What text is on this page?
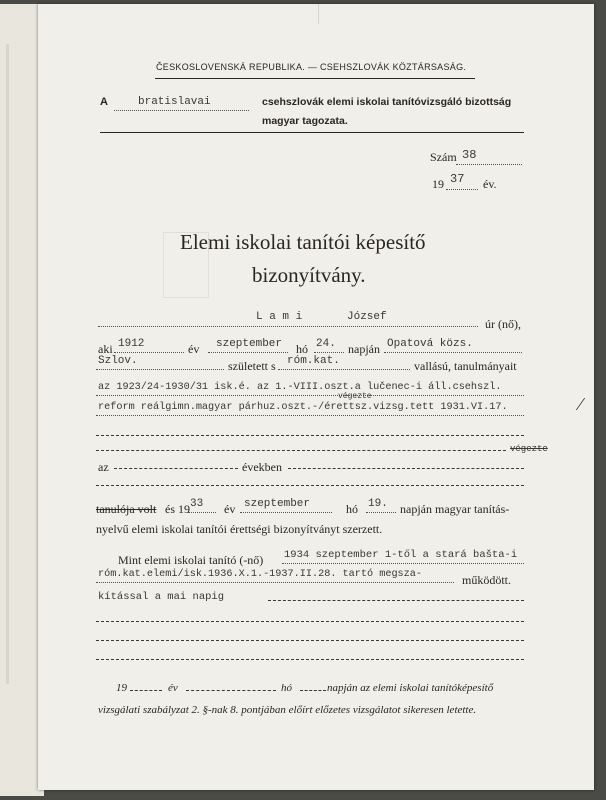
ČESKOSLOVENSKÁ REPUBLIKA. — CSEHSZLOVÁK KÖZTÁRSASÁG.
A	bratislavai	csehszlovák elemi iskolai tanítóvizsgáló bizottság
magyar tagozata.
Szám 38
19 37 év.
Elemi iskolai tanítói képesítő
bizonyítvány.
L a m i	József	úr (nő),
aki 1912	év szeptember hó 24. napján Opatová közs.
Szlov.	született s róm.kat.	vallású, tanulmányait
az 1923/24-1930/31 isk.é. az 1.-VIII.oszt.a lučenec-i áll.csehszl.
végezte
reform reálgimn.magyar párhuz.oszt.-/érettsz.vizsg.tett 1931.VI.17.	⁄
végezte
az	években
tanulója volt és 19 33 év szeptember	hó 19. napján magyar tanítás-
nyelvű elemi iskolai tanítói érettségi bizonyítványt szerzett.
Mint elemi iskolai tanító (-nő) 1934 szeptember 1-től a stará bašta-i
róm.kat.elemi/isk.1936.X.1.-1937.II.28. tartó megsza-	működött.
kítással a mai napig
19	év	hó	napján az elemi iskolai tanítóképesítő
vizsgálati szabályzat 2. §-nak 8. pontjában előírt előzetes vizsgálatot sikeresen letette.
